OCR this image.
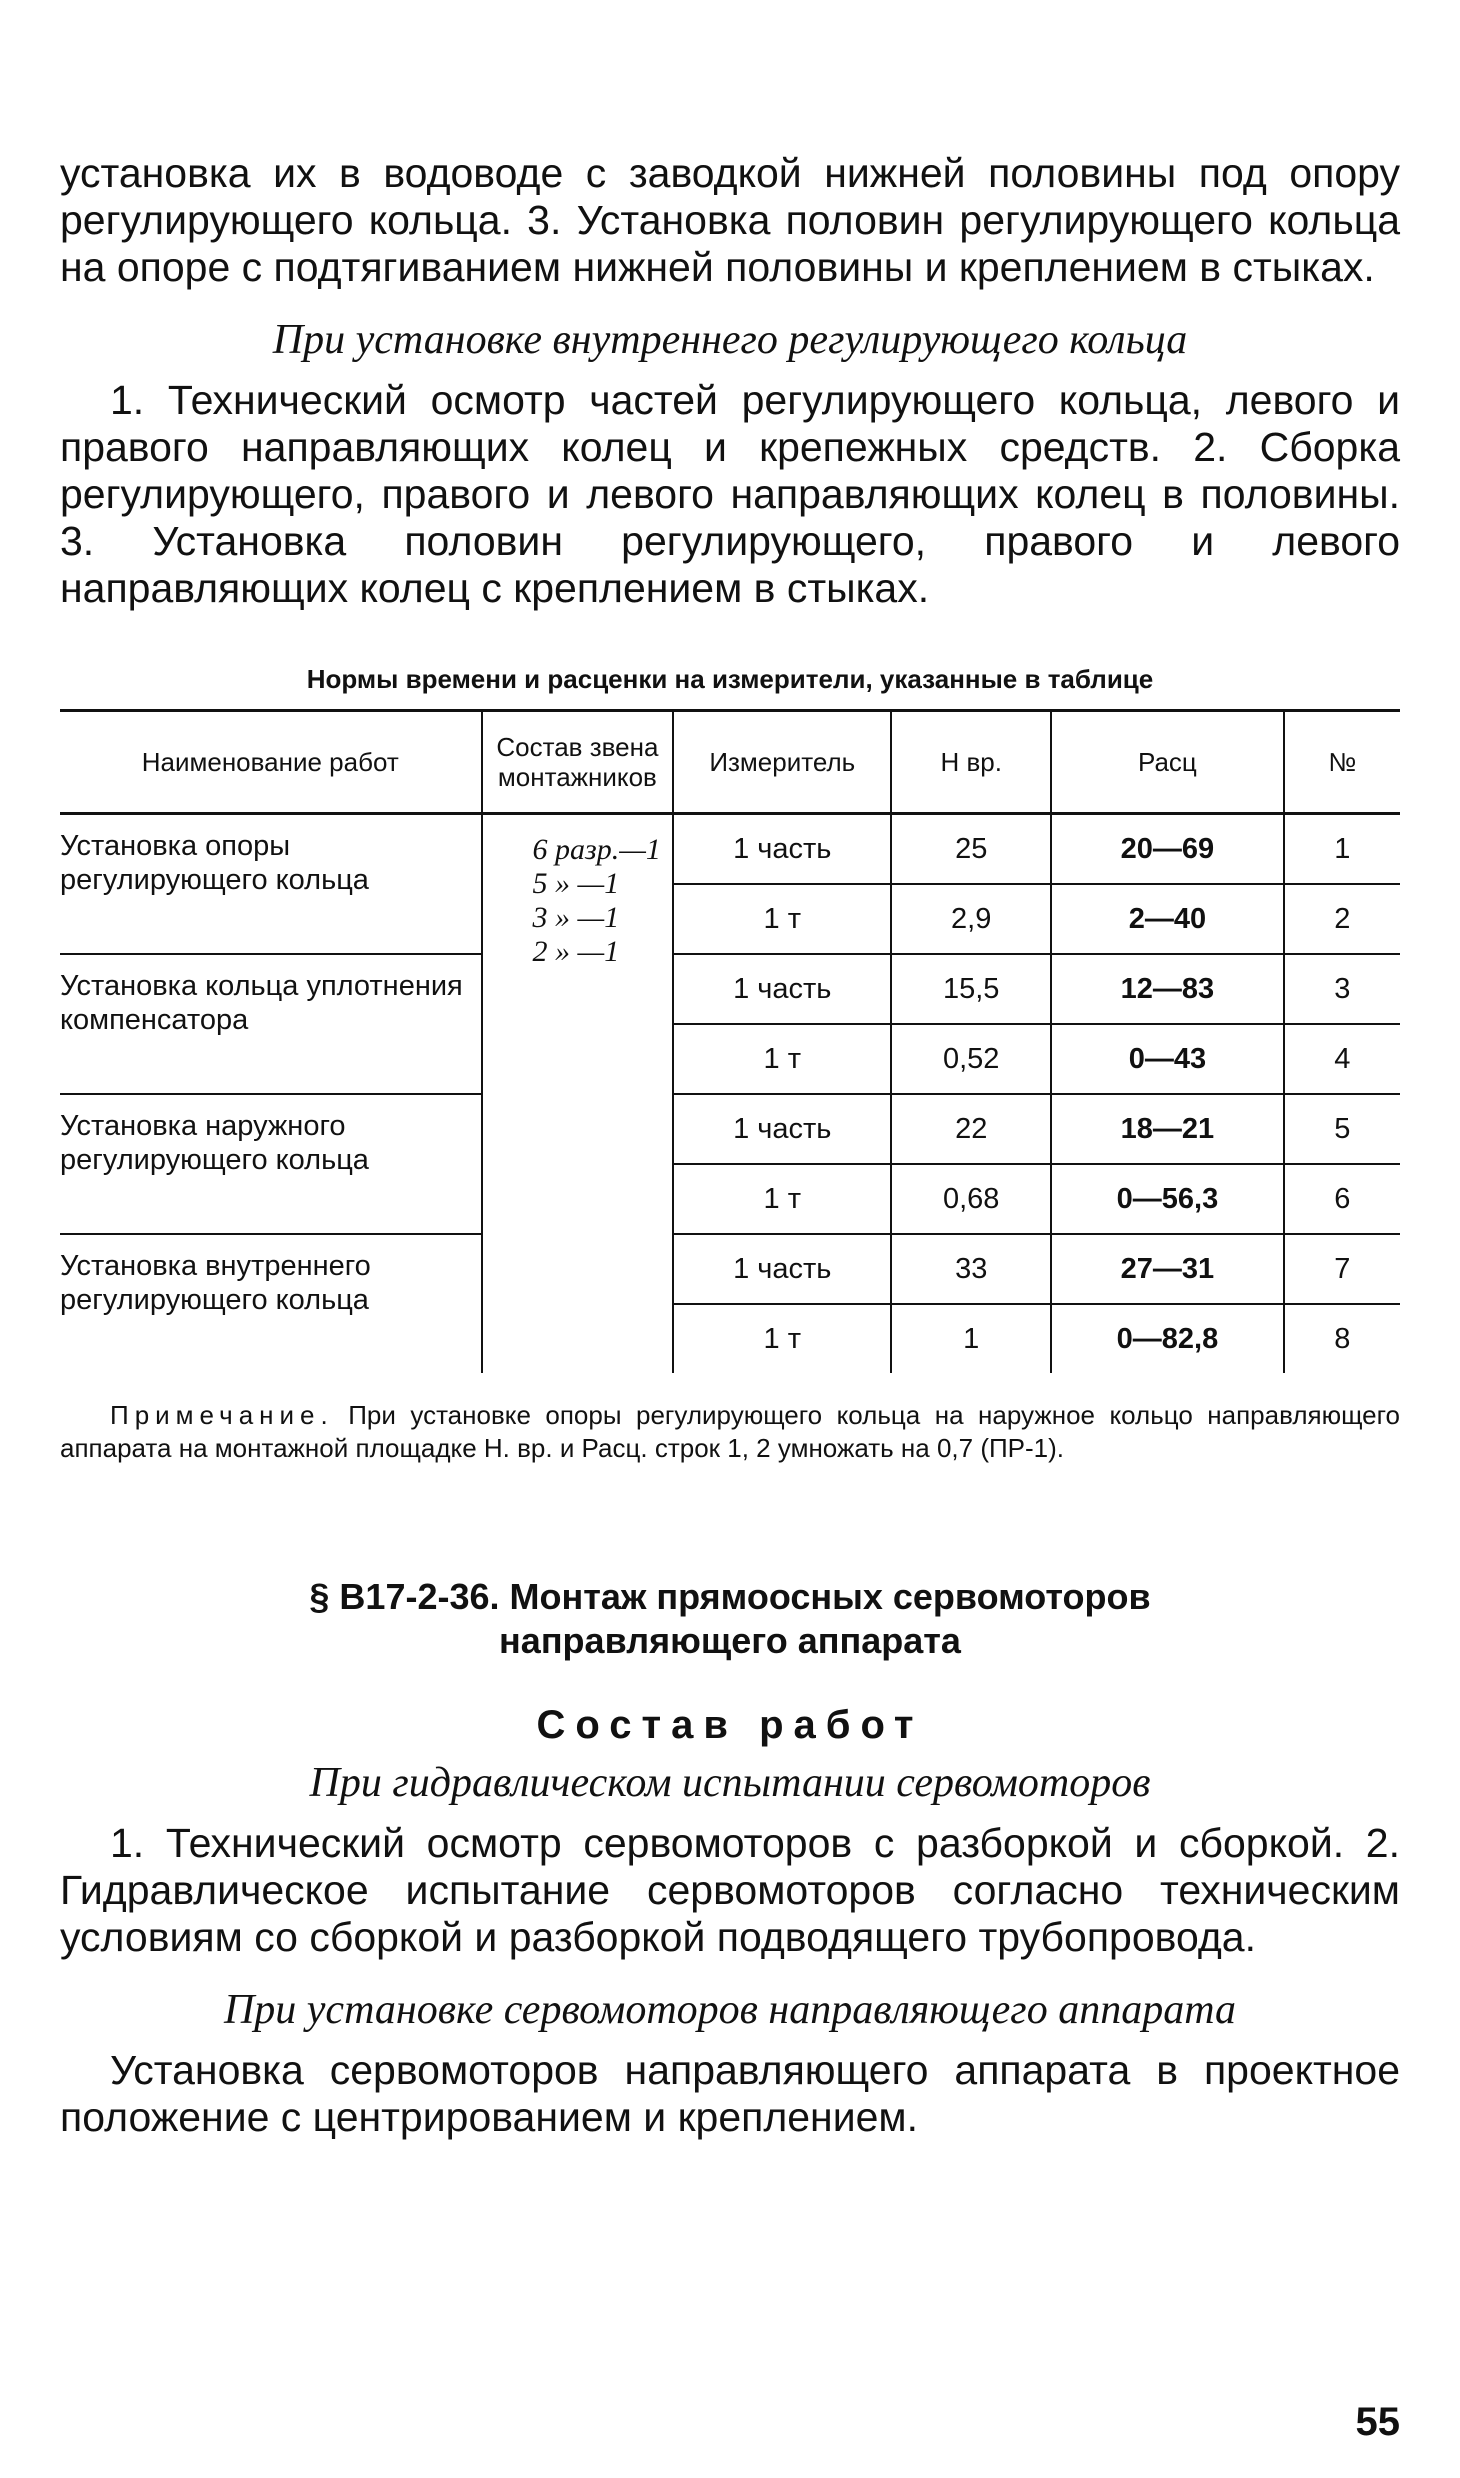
установка их в водоводе с заводкой нижней половины под опору регулирующего кольца. 3. Установка половин регулирующего кольца на опоре с подтягиванием нижней половины и креплением в стыках.

При установке внутреннего регулирующего кольца

1. Технический осмотр частей регулирующего кольца, левого и правого направляющих колец и крепежных средств. 2. Сборка регулирующего, правого и левого направляющих колец в половины. 3. Установка половин регулирующего, правого и левого направляющих колец с креплением в стыках.

Нормы времени и расценки на измерители, указанные в таблице
Наименование работ	Состав звена монтажников	Измеритель	Н вр.	Расц	№
Установка опоры регулирующего кольца	6 разр.—1
5 » —1
3 » —1
2 » —1	1 часть	25	20—69	1
		1 т	2,9	2—40	2
Установка кольца уплотнения компенсатора		1 часть	15,5	12—83	3
		1 т	0,52	0—43	4
Установка наружного регулирующего кольца		1 часть	22	18—21	5
		1 т	0,68	0—56,3	6
Установка внутреннего регулирующего кольца		1 часть	33	27—31	7
		1 т	1	0—82,8	8

Примечание. При установке опоры регулирующего кольца на наружное кольцо направляющего аппарата на монтажной площадке Н. вр. и Расц. строк 1, 2 умножать на 0,7 (ПР-1).

§ В17-2-36. Монтаж прямоосных сервомоторов
направляющего аппарата
Состав работ
При гидравлическом испытании сервомоторов

1. Технический осмотр сервомоторов с разборкой и сборкой. 2. Гидравлическое испытание сервомоторов согласно техническим условиям со сборкой и разборкой подводящего трубопровода.

При установке сервомоторов направляющего аппарата

Установка сервомоторов направляющего аппарата в проектное положение с центрированием и креплением.

55
